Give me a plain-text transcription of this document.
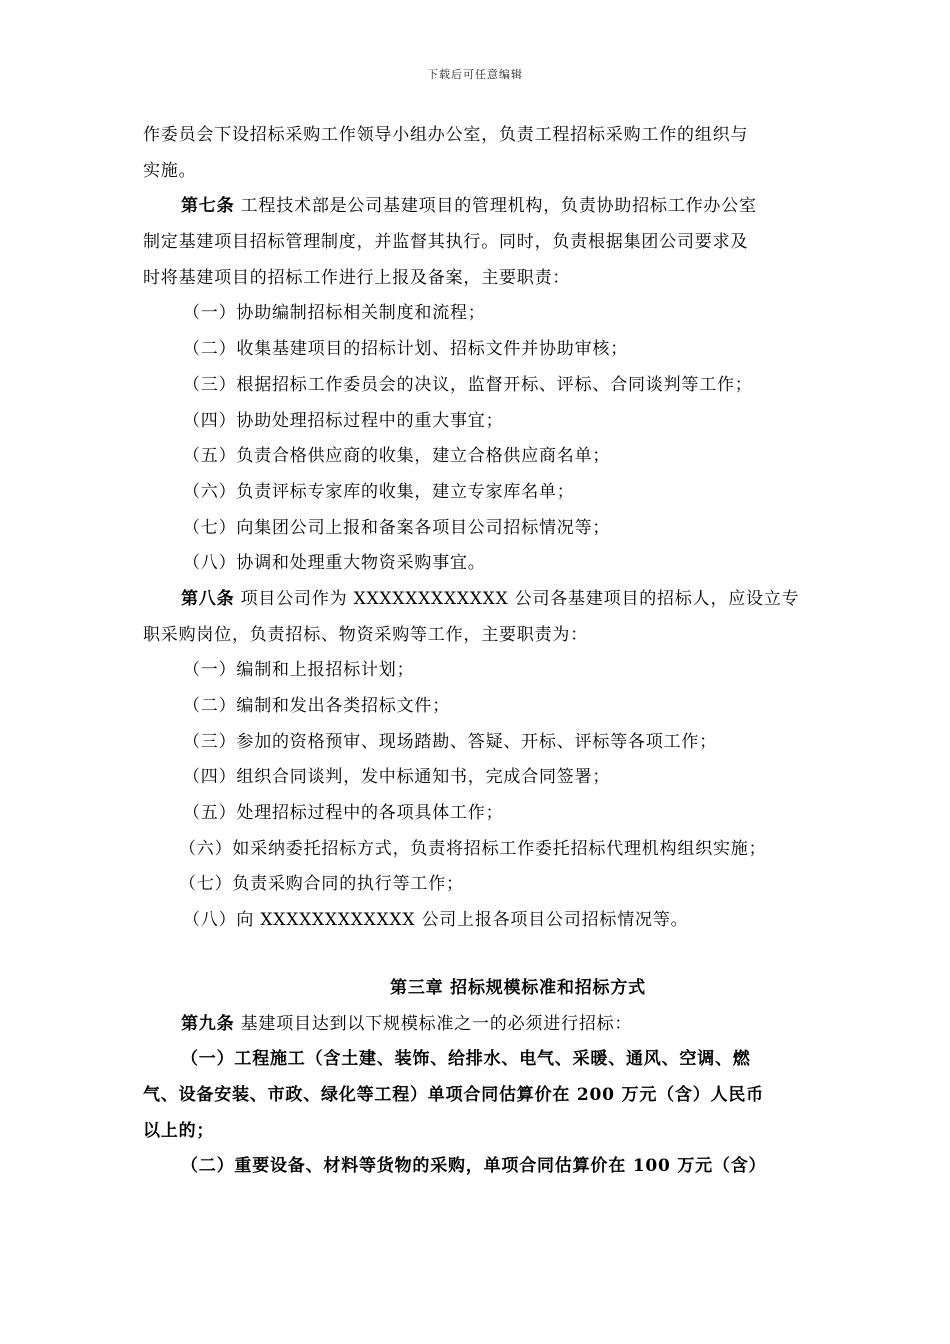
下载后可任意编辑
作委员会下设招标采购工作领导小组办公室，负责工程招标采购工作的组织与
实施。
第七条 工程技术部是公司基建项目的管理机构，负责协助招标工作办公室
制定基建项目招标管理制度，并监督其执行。同时，负责根据集团公司要求及
时将基建项目的招标工作进行上报及备案，主要职责：
（一）协助编制招标相关制度和流程；
（二）收集基建项目的招标计划、招标文件并协助审核；
（三）根据招标工作委员会的决议，监督开标、评标、合同谈判等工作；
（四）协助处理招标过程中的重大事宜；
（五）负责合格供应商的收集，建立合格供应商名单；
（六）负责评标专家库的收集，建立专家库名单；
（七）向集团公司上报和备案各项目公司招标情况等；
（八）协调和处理重大物资采购事宜。
第八条 项目公司作为 XXXXXXXXXXXX 公司各基建项目的招标人，应设立专
职采购岗位，负责招标、物资采购等工作，主要职责为：
（一）编制和上报招标计划；
（二）编制和发出各类招标文件；
（三）参加的资格预审、现场踏勘、答疑、开标、评标等各项工作；
（四）组织合同谈判，发中标通知书，完成合同签署；
（五）处理招标过程中的各项具体工作；
（六）如采纳委托招标方式，负责将招标工作委托招标代理机构组织实施；
（七）负责采购合同的执行等工作；
（八）向 XXXXXXXXXXXX 公司上报各项目公司招标情况等。
第三章 招标规模标准和招标方式
第九条 基建项目达到以下规模标准之一的必须进行招标：
（一）工程施工（含土建、装饰、给排水、电气、采暖、通风、空调、燃
气、设备安装、市政、绿化等工程）单项合同估算价在 200 万元（含）人民币
以上的；
（二）重要设备、材料等货物的采购，单项合同估算价在 100 万元（含）
